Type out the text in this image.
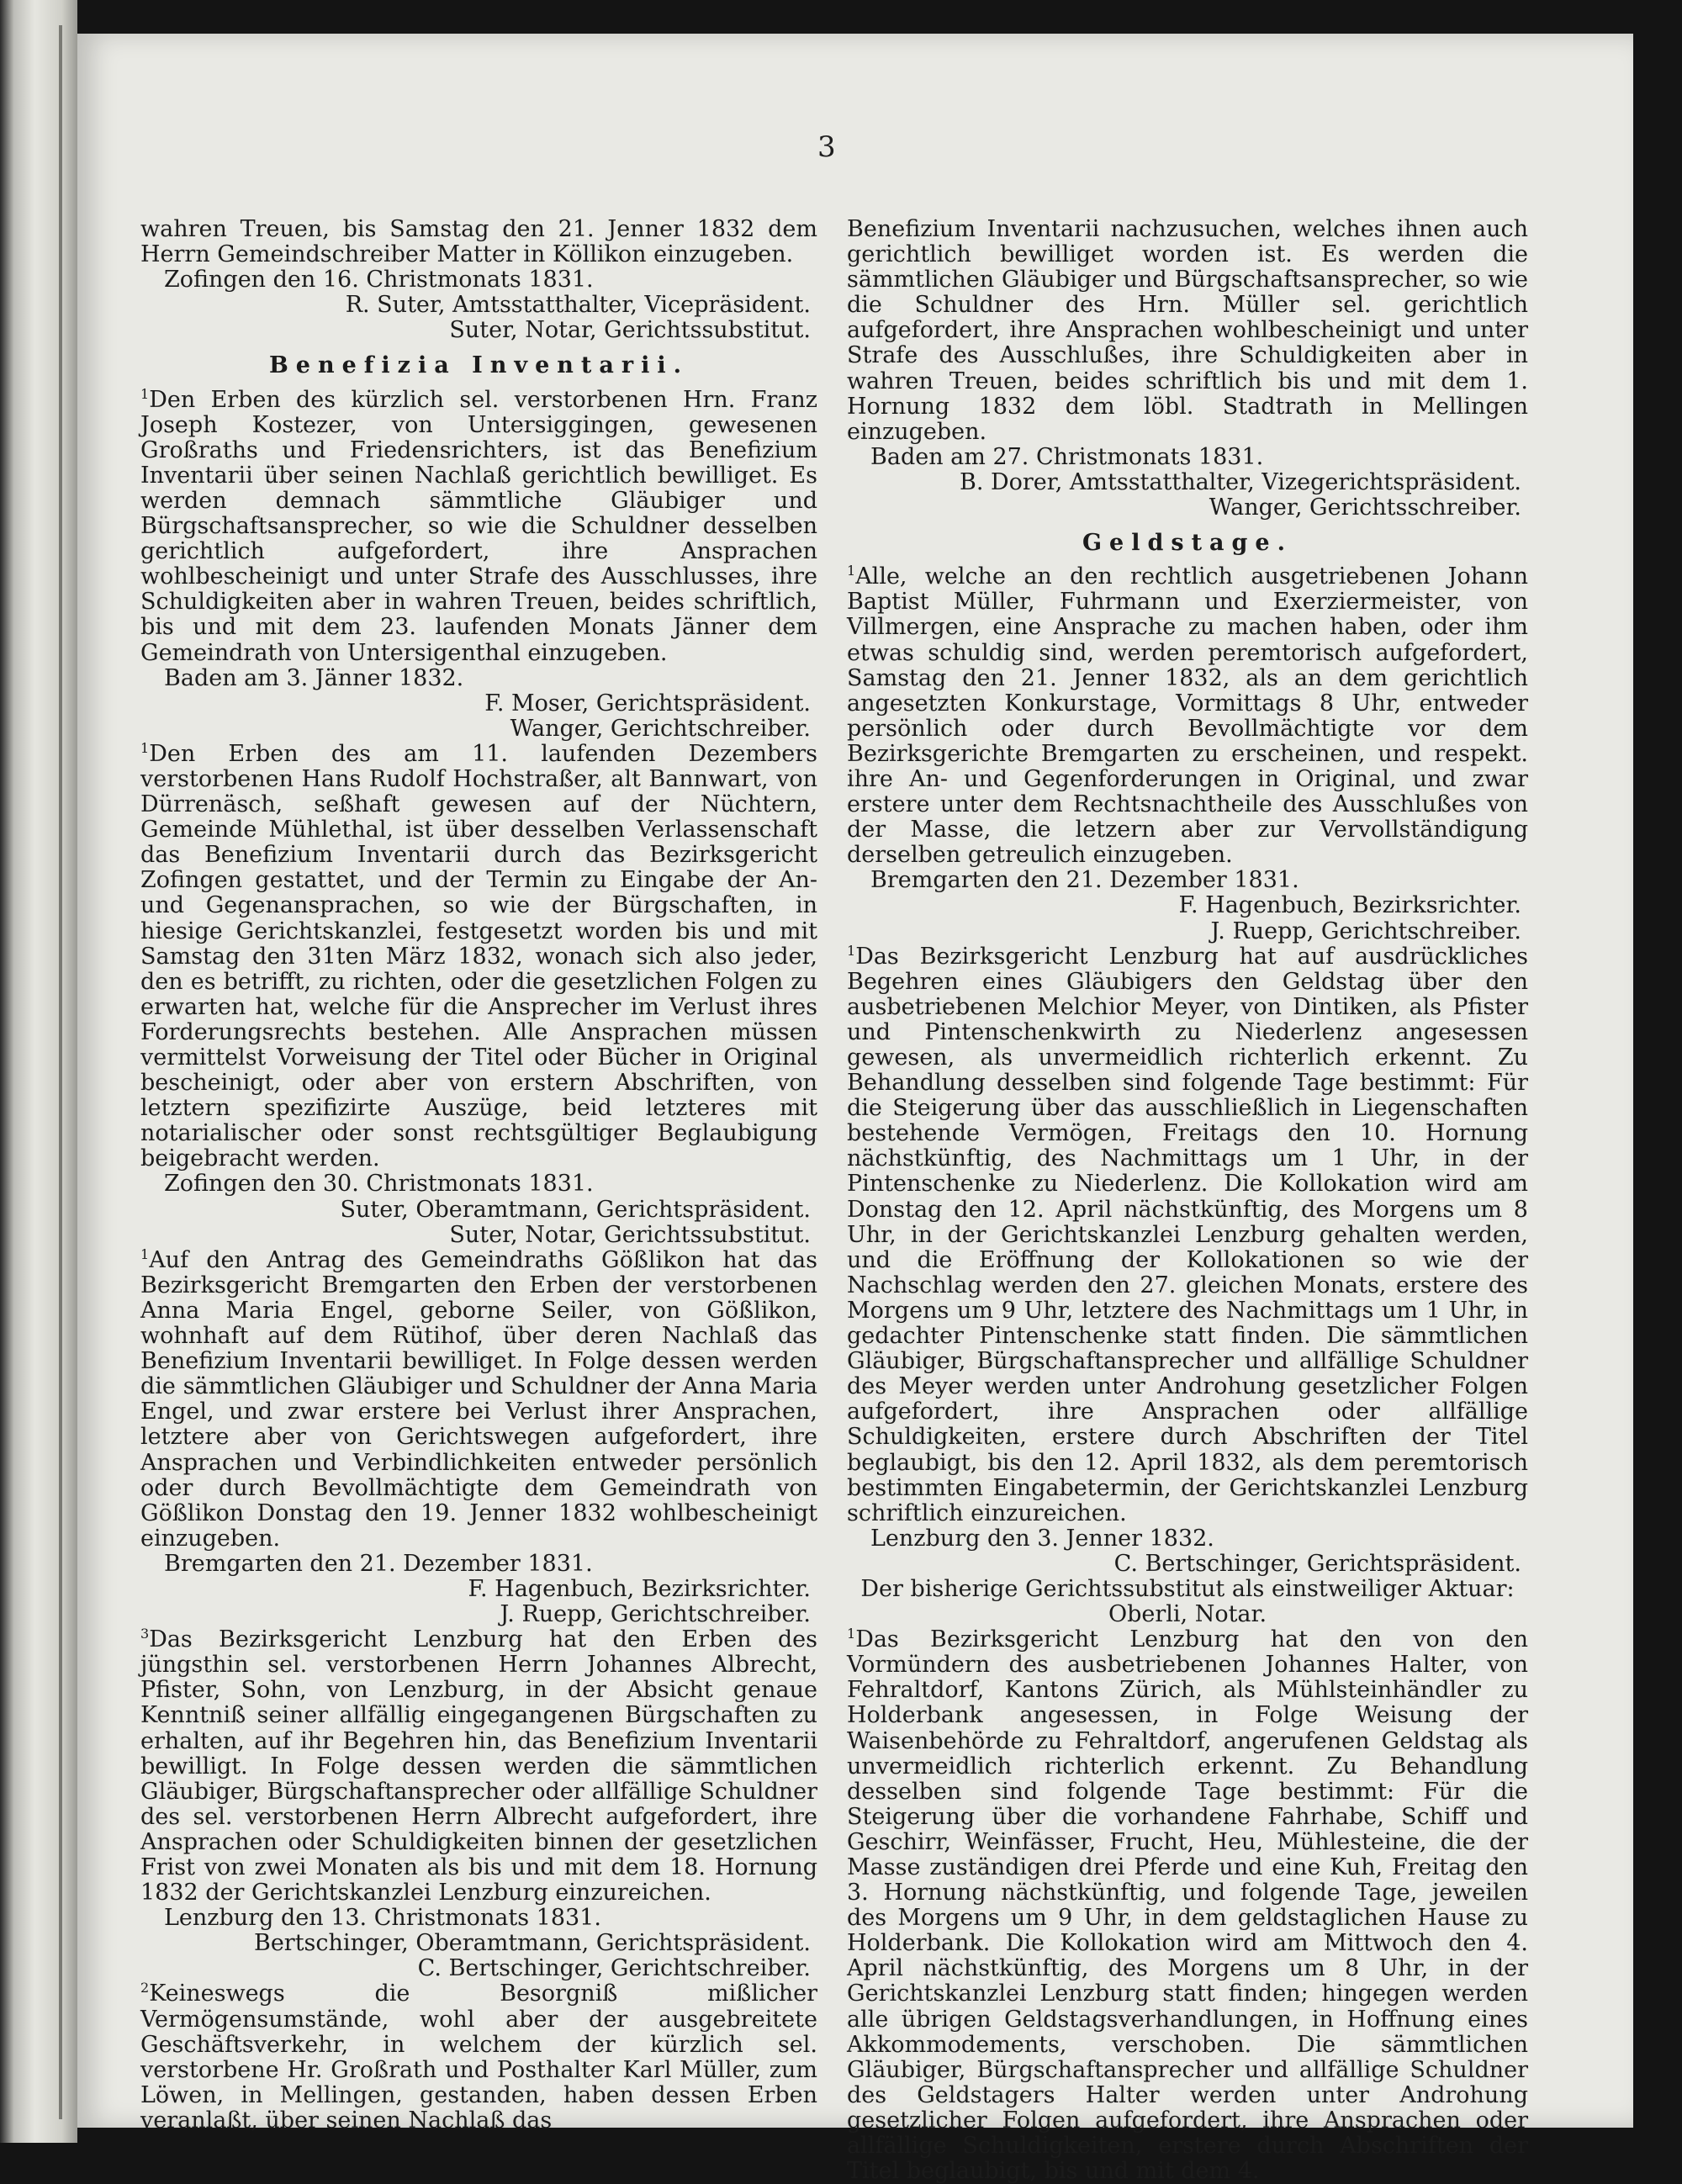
3

wahren Treuen, bis Samstag den 21. Jenner 1832 dem Herrn Gemeindschreiber Matter in Köllikon einzugeben.

Zofingen den 16. Christmonats 1831.

R. Suter, Amtsstatthalter, Vicepräsident.

Suter, Notar, Gerichtssubstitut.

Benefizia Inventarii.

$^1$Den Erben des kürzlich sel. verstorbenen Hrn. Franz Joseph Kostezer, von Untersiggingen, gewesenen Großraths und Friedensrichters, ist das Benefizium Inventarii über seinen Nachlaß gerichtlich bewilliget. Es werden demnach sämmtliche Gläubiger und Bürgschaftsansprecher, so wie die Schuldner desselben gerichtlich aufgefordert, ihre Ansprachen wohlbescheinigt und unter Strafe des Ausschlusses, ihre Schuldigkeiten aber in wahren Treuen, beides schriftlich, bis und mit dem 23. laufenden Monats Jänner dem Gemeindrath von Untersigenthal einzugeben.

Baden am 3. Jänner 1832.

F. Moser, Gerichtspräsident.

Wanger, Gerichtschreiber.

$^1$Den Erben des am 11. laufenden Dezembers verstorbenen Hans Rudolf Hochstraßer, alt Bannwart, von Dürrenäsch, seßhaft gewesen auf der Nüchtern, Gemeinde Mühlethal, ist über desselben Verlassenschaft das Benefizium Inventarii durch das Bezirksgericht Zofingen gestattet, und der Termin zu Eingabe der An- und Gegenansprachen, so wie der Bürgschaften, in hiesige Gerichtskanzlei, festgesetzt worden bis und mit Samstag den 31ten März 1832, wonach sich also jeder, den es betrifft, zu richten, oder die gesetzlichen Folgen zu erwarten hat, welche für die Ansprecher im Verlust ihres Forderungsrechts bestehen. Alle Ansprachen müssen vermittelst Vorweisung der Titel oder Bücher in Original bescheinigt, oder aber von erstern Abschriften, von letztern spezifizirte Auszüge, beid letzteres mit notarialischer oder sonst rechtsgültiger Beglaubigung beigebracht werden.

Zofingen den 30. Christmonats 1831.

Suter, Oberamtmann, Gerichtspräsident.

Suter, Notar, Gerichtssubstitut.

$^1$Auf den Antrag des Gemeindraths Gößlikon hat das Bezirksgericht Bremgarten den Erben der verstorbenen Anna Maria Engel, geborne Seiler, von Gößlikon, wohnhaft auf dem Rütihof, über deren Nachlaß das Benefizium Inventarii bewilliget. In Folge dessen werden die sämmtlichen Gläubiger und Schuldner der Anna Maria Engel, und zwar erstere bei Verlust ihrer Ansprachen, letztere aber von Gerichtswegen aufgefordert, ihre Ansprachen und Verbindlichkeiten entweder persönlich oder durch Bevollmächtigte dem Gemeindrath von Gößlikon Donstag den 19. Jenner 1832 wohlbescheinigt einzugeben.

Bremgarten den 21. Dezember 1831.

F. Hagenbuch, Bezirksrichter.

J. Ruepp, Gerichtschreiber.

$^3$Das Bezirksgericht Lenzburg hat den Erben des jüngsthin sel. verstorbenen Herrn Johannes Albrecht, Pfister, Sohn, von Lenzburg, in der Absicht genaue Kenntniß seiner allfällig eingegangenen Bürgschaften zu erhalten, auf ihr Begehren hin, das Benefizium Inventarii bewilligt. In Folge dessen werden die sämmtlichen Gläubiger, Bürgschaftansprecher oder allfällige Schuldner des sel. verstorbenen Herrn Albrecht aufgefordert, ihre Ansprachen oder Schuldigkeiten binnen der gesetzlichen Frist von zwei Monaten als bis und mit dem 18. Hornung 1832 der Gerichtskanzlei Lenzburg einzureichen.

Lenzburg den 13. Christmonats 1831.

Bertschinger, Oberamtmann, Gerichtspräsident.

C. Bertschinger, Gerichtschreiber.

$^2$Keineswegs die Besorgniß mißlicher Vermögensumstände, wohl aber der ausgebreitete Geschäftsverkehr, in welchem der kürzlich sel. verstorbene Hr. Großrath und Posthalter Karl Müller, zum Löwen, in Mellingen, gestanden, haben dessen Erben veranlaßt, über seinen Nachlaß das

Benefizium Inventarii nachzusuchen, welches ihnen auch gerichtlich bewilliget worden ist. Es werden die sämmtlichen Gläubiger und Bürgschaftsansprecher, so wie die Schuldner des Hrn. Müller sel. gerichtlich aufgefordert, ihre Ansprachen wohlbescheinigt und unter Strafe des Ausschlußes, ihre Schuldigkeiten aber in wahren Treuen, beides schriftlich bis und mit dem 1. Hornung 1832 dem löbl. Stadtrath in Mellingen einzugeben.

Baden am 27. Christmonats 1831.

B. Dorer, Amtsstatthalter, Vizegerichtspräsident.

Wanger, Gerichtsschreiber.

Geldstage.

$^1$Alle, welche an den rechtlich ausgetriebenen Johann Baptist Müller, Fuhrmann und Exerziermeister, von Villmergen, eine Ansprache zu machen haben, oder ihm etwas schuldig sind, werden peremtorisch aufgefordert, Samstag den 21. Jenner 1832, als an dem gerichtlich angesetzten Konkurstage, Vormittags 8 Uhr, entweder persönlich oder durch Bevollmächtigte vor dem Bezirksgerichte Bremgarten zu erscheinen, und respekt. ihre An- und Gegenforderungen in Original, und zwar erstere unter dem Rechtsnachtheile des Ausschlußes von der Masse, die letzern aber zur Vervollständigung derselben getreulich einzugeben.

Bremgarten den 21. Dezember 1831.

F. Hagenbuch, Bezirksrichter.

J. Ruepp, Gerichtschreiber.

$^1$Das Bezirksgericht Lenzburg hat auf ausdrückliches Begehren eines Gläubigers den Geldstag über den ausbetriebenen Melchior Meyer, von Dintiken, als Pfister und Pintenschenkwirth zu Niederlenz angesessen gewesen, als unvermeidlich richterlich erkennt. Zu Behandlung desselben sind folgende Tage bestimmt: Für die Steigerung über das ausschließlich in Liegenschaften bestehende Vermögen, Freitags den 10. Hornung nächstkünftig, des Nachmittags um 1 Uhr, in der Pintenschenke zu Niederlenz. Die Kollokation wird am Donstag den 12. April nächstkünftig, des Morgens um 8 Uhr, in der Gerichtskanzlei Lenzburg gehalten werden, und die Eröffnung der Kollokationen so wie der Nachschlag werden den 27. gleichen Monats, erstere des Morgens um 9 Uhr, letztere des Nachmittags um 1 Uhr, in gedachter Pintenschenke statt finden. Die sämmtlichen Gläubiger, Bürgschaftansprecher und allfällige Schuldner des Meyer werden unter Androhung gesetzlicher Folgen aufgefordert, ihre Ansprachen oder allfällige Schuldigkeiten, erstere durch Abschriften der Titel beglaubigt, bis den 12. April 1832, als dem peremtorisch bestimmten Eingabetermin, der Gerichtskanzlei Lenzburg schriftlich einzureichen.

Lenzburg den 3. Jenner 1832.

C. Bertschinger, Gerichtspräsident.

Der bisherige Gerichtssubstitut als einstweiliger Aktuar:

Oberli, Notar.

$^1$Das Bezirksgericht Lenzburg hat den von den Vormündern des ausbetriebenen Johannes Halter, von Fehraltdorf, Kantons Zürich, als Mühlsteinhändler zu Holderbank angesessen, in Folge Weisung der Waisenbehörde zu Fehraltdorf, angerufenen Geldstag als unvermeidlich richterlich erkennt. Zu Behandlung desselben sind folgende Tage bestimmt: Für die Steigerung über die vorhandene Fahrhabe, Schiff und Geschirr, Weinfässer, Frucht, Heu, Mühlesteine, die der Masse zuständigen drei Pferde und eine Kuh, Freitag den 3. Hornung nächstkünftig, und folgende Tage, jeweilen des Morgens um 9 Uhr, in dem geldstaglichen Hause zu Holderbank. Die Kollokation wird am Mittwoch den 4. April nächstkünftig, des Morgens um 8 Uhr, in der Gerichtskanzlei Lenzburg statt finden; hingegen werden alle übrigen Geldstagsverhandlungen, in Hoffnung eines Akkommodements, verschoben. Die sämmtlichen Gläubiger, Bürgschaftansprecher und allfällige Schuldner des Geldstagers Halter werden unter Androhung gesetzlicher Folgen aufgefordert, ihre Ansprachen oder allfällige Schuldigkeiten, erstere durch Abschriften der Titel beglaubigt, bis und mit dem 4.
